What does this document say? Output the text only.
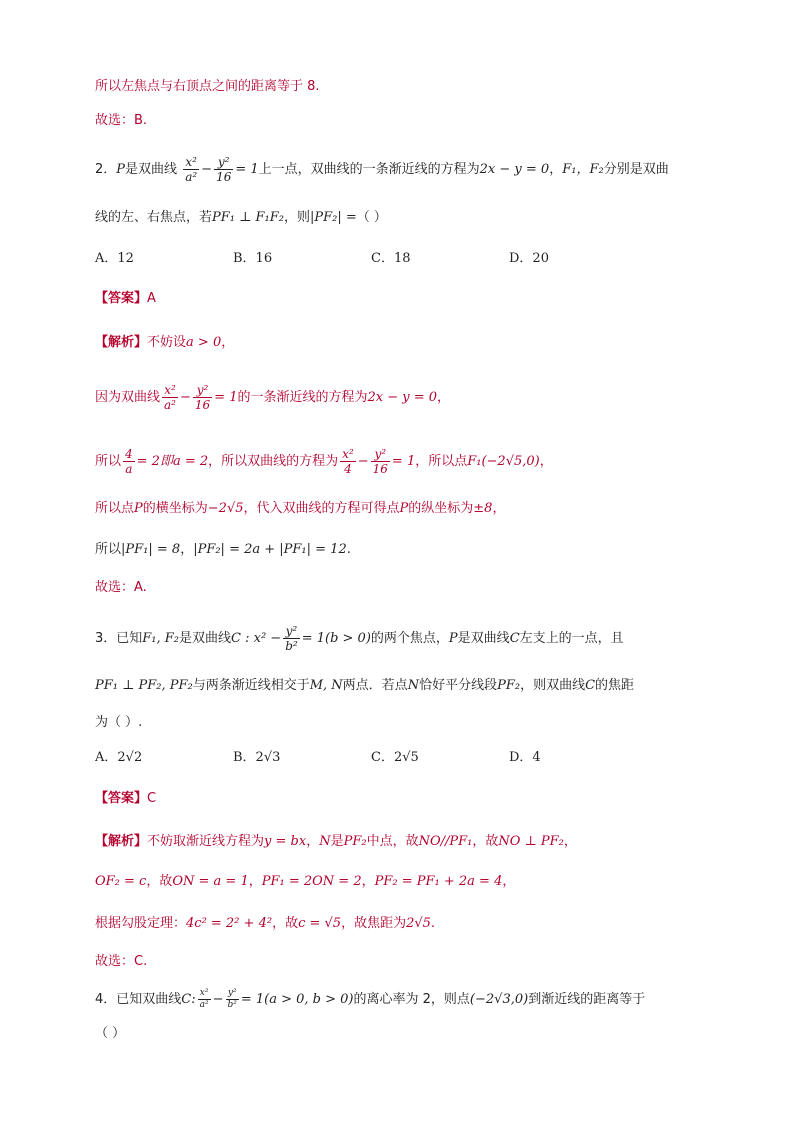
所以左焦点与右顶点之间的距离等于 8.
故选：B.
2．P是双曲线 $\frac{\text{x²}}{\text{a²}} - \frac{\text{y²}}{16} = 1$上一点，双曲线的一条渐近线的方程为2x − y = 0，F₁，F₂分别是双曲
线的左、右焦点，若PF₁ ⊥ F₁F₂，则|PF₂| =（ ）
A．12	B．16	C．18	D．20
【答案】A
【解析】不妨设a > 0，
因为双曲线 $\frac{\text{x²}}{\text{a²}} - \frac{\text{y²}}{16} = 1$的一条渐近线的方程为2x − y = 0，
所以 $\frac{4}{a} = 2$即a = 2，所以双曲线的方程为 $\frac{\text{x²}}{4} - \frac{\text{y²}}{16} = 1$，所以点F₁(−2√5,0)，
所以点P的横坐标为−2√5，代入双曲线的方程可得点P的纵坐标为±8，
所以|PF₁| = 8，|PF₂| = 2a + |PF₁| = 12.
故选：A.
3．已知F₁, F₂是双曲线C : $x^2 - \frac{\text{y²}}{\text{b²}} = 1(b > 0)$的两个焦点，P是双曲线C左支上的一点，且
PF₁ ⊥ PF₂, PF₂与两条渐近线相交于M, N两点．若点N恰好平分线段PF₂，则双曲线C的焦距
为（ ）.
A．2√2	B．2√3	C．2√5	D．4
【答案】C
【解析】不妨取渐近线方程为y = bx，N是PF₂中点，故NO//PF₁，故NO ⊥ PF₂，
OF₂ = c，故ON = a = 1，PF₁ = 2ON = 2，PF₂ = PF₁ + 2a = 4，
根据勾股定理：4c² = 2² + 4²，故c = √5，故焦距为2√5.
故选：C.
4．已知双曲线C: $\frac{\text{x²}}{\text{a²}} - \frac{\text{y²}}{\text{b²}} = 1(a > 0$, b > 0)的离心率为 2，则点(−2√3,0)到渐近线的距离等于
（ ）
